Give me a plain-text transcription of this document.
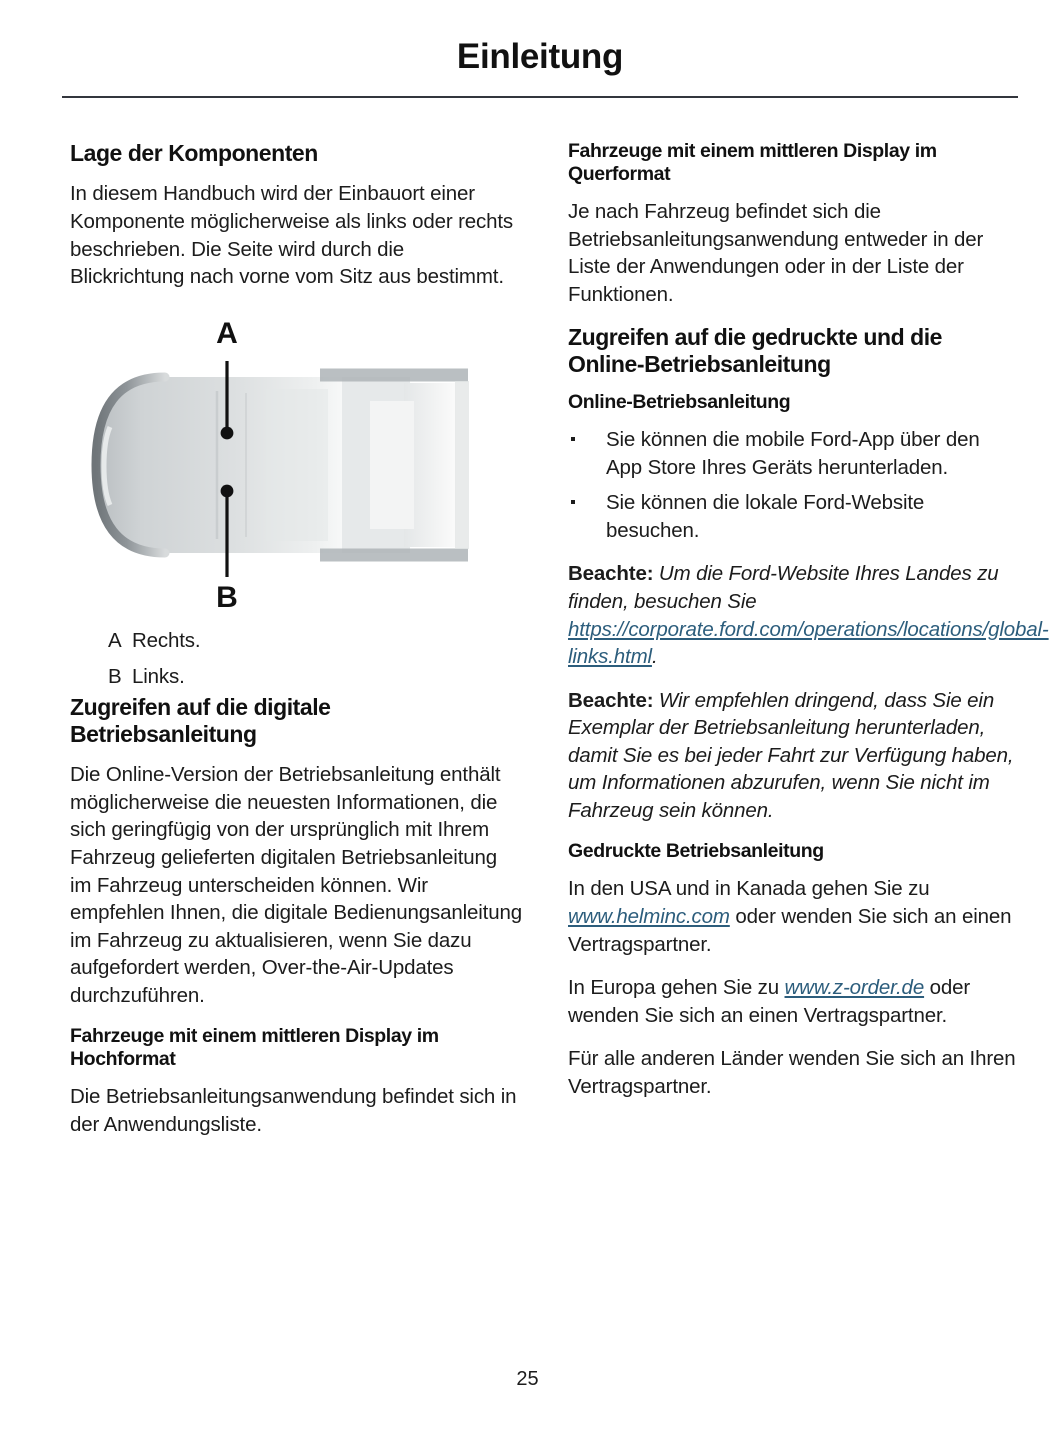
Einleitung
Lage der Komponenten

In diesem Handbuch wird der Einbauort einer Komponente möglicherweise als links oder rechts beschrieben. Die Seite wird durch die Blickrichtung nach vorne vom Sitz aus bestimmt.

A
B
A Rechts.
B Links.
Zugreifen auf die digitale Betriebsanleitung

Die Online-Version der Betriebsanleitung enthält möglicherweise die neuesten Informationen, die sich geringfügig von der ursprünglich mit Ihrem Fahrzeug gelieferten digitalen Betriebsanleitung im Fahrzeug unterscheiden können. Wir empfehlen Ihnen, die digitale Bedienungsanleitung im Fahrzeug zu aktualisieren, wenn Sie dazu aufgefordert werden, Over-the-Air-Updates durchzuführen.

Fahrzeuge mit einem mittleren Display im Hochformat

Die Betriebsanleitungsanwendung befindet sich in der Anwendungsliste.

Fahrzeuge mit einem mittleren Display im Querformat

Je nach Fahrzeug befindet sich die Betriebsanleitungsanwendung entweder in der Liste der Anwendungen oder in der Liste der Funktionen.

Zugreifen auf die gedruckte und die Online-Betriebsanleitung
Online-Betriebsanleitung
Sie können die mobile Ford-App über den App Store Ihres Geräts herunterladen.
Sie können die lokale Ford-Website besuchen.

Beachte: Um die Ford-Website Ihres Landes zu finden, besuchen Sie https://corporate.ford.com/operations/locations/global-links.html.

Beachte: Wir empfehlen dringend, dass Sie ein Exemplar der Betriebsanleitung herunterladen, damit Sie es bei jeder Fahrt zur Verfügung haben, um Informationen abzurufen, wenn Sie nicht im Fahrzeug sein können.

Gedruckte Betriebsanleitung

In den USA und in Kanada gehen Sie zu www.helminc.com oder wenden Sie sich an einen Vertragspartner.

In Europa gehen Sie zu www.z-order.de oder wenden Sie sich an einen Vertragspartner.

Für alle anderen Länder wenden Sie sich an Ihren Vertragspartner.

25
